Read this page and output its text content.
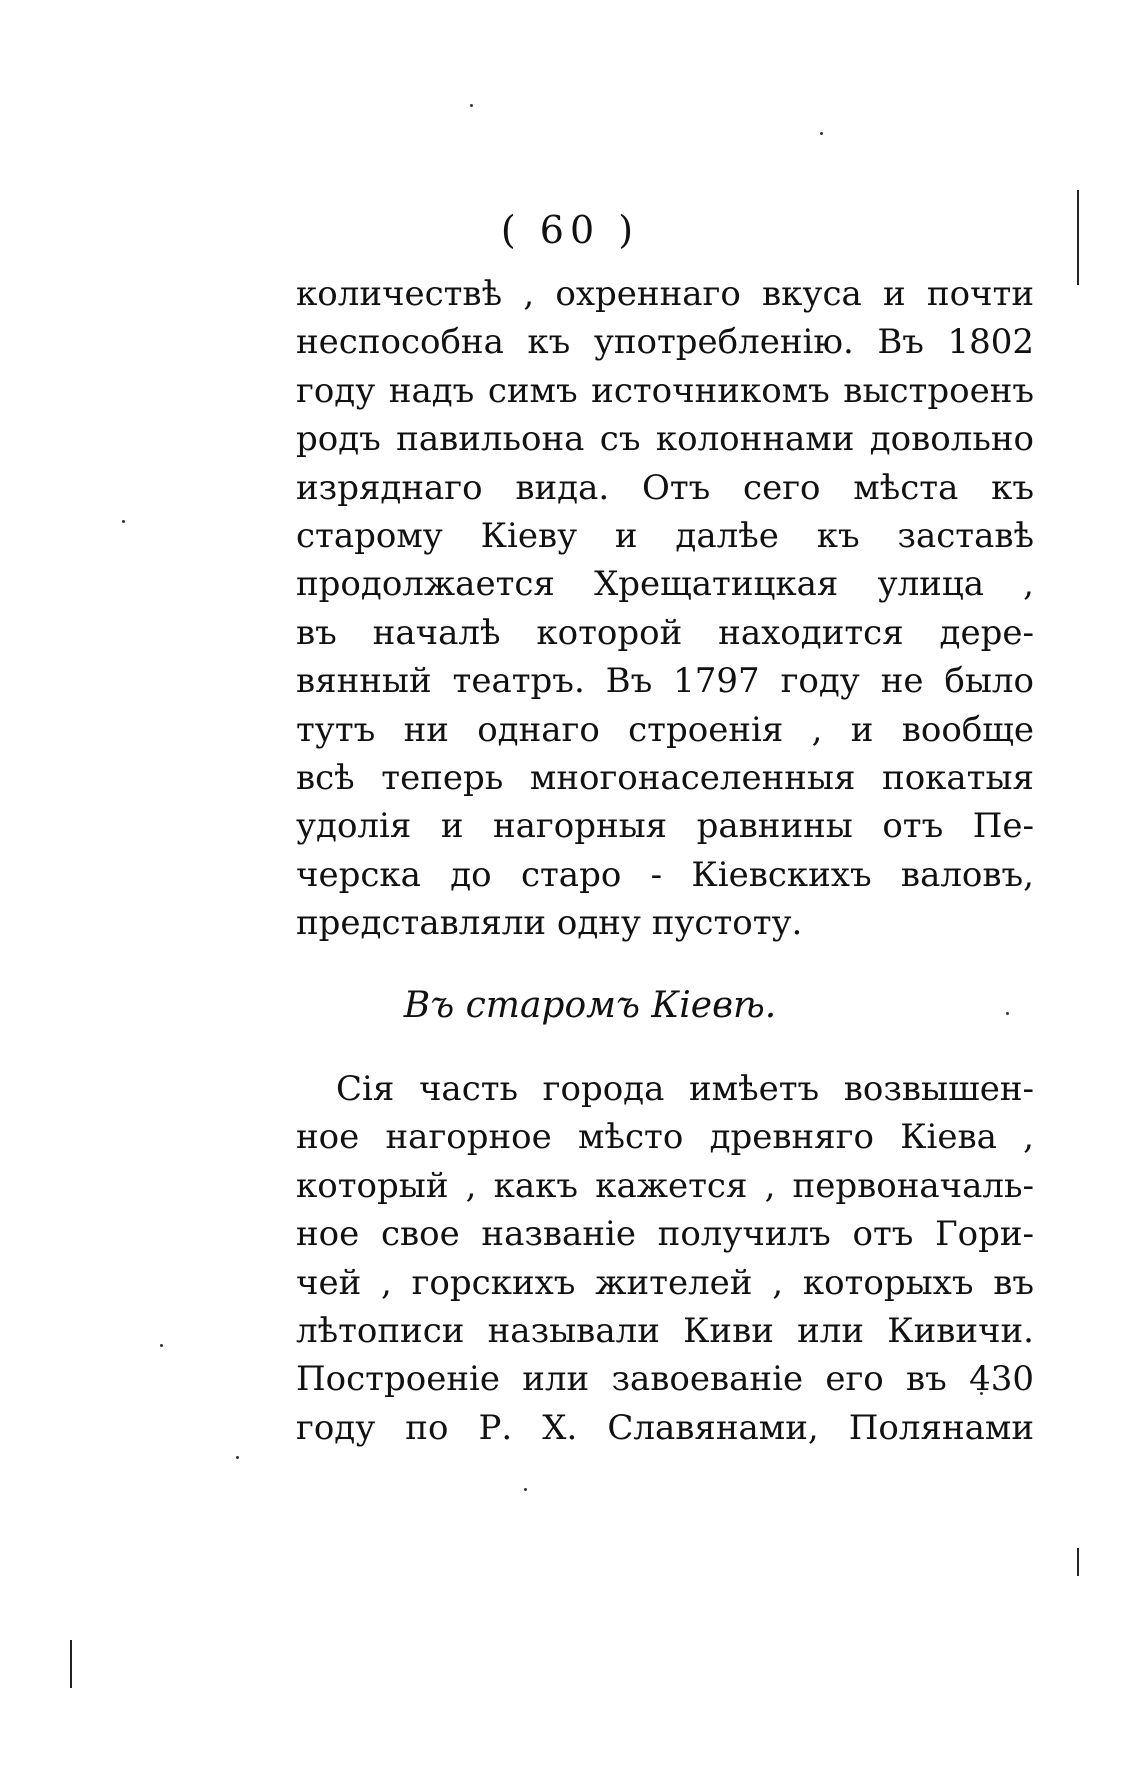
( 60 )
количествѣ , охреннаго вкуса и почти
неспособна къ употребленію. Въ 1802
году надъ симъ источникомъ выстроенъ
родъ павильона съ колоннами довольно
изряднаго вида. Отъ сего мѣста къ
старому Кіеву и далѣе къ заставѣ
продолжается Хрещатицкая улица ,
въ началѣ которой находится дере-
вянный театръ. Въ 1797 году не было
тутъ ни однаго строенія , и вообще
всѣ теперь многонаселенныя покатыя
удолія и нагорныя равнины отъ Пе-
черска до старо - Кіевскихъ валовъ,
представляли одну пустоту.
Въ старомъ Кіевѣ.
Сія часть города имѣетъ возвышен-
ное нагорное мѣсто древняго Кіева ,
который , какъ кажется , первоначаль-
ное свое названіе получилъ отъ Гори-
чей , горскихъ жителей , которыхъ въ
лѣтописи называли Киви или Кивичи.
Построеніе или завоеваніе его въ 430
году по Р. Х. Славянами, Полянами
